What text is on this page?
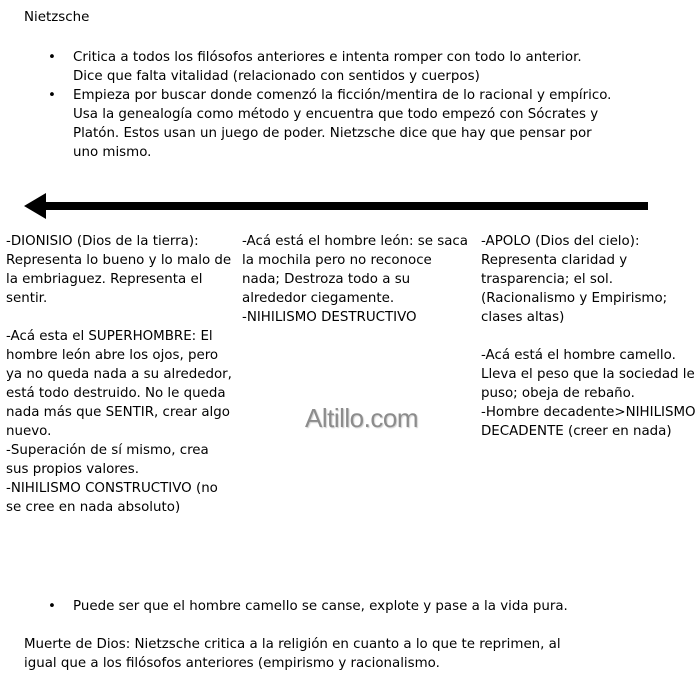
Nietzsche
• Critica a todos los filósofos anteriores e intenta romper con todo lo anterior. Dice que falta vitalidad (relacionado con sentidos y cuerpos)
• Empieza por buscar donde comenzó la ficción/mentira de lo racional y empírico. Usa la genealogía como método y encuentra que todo empezó con Sócrates y Platón. Estos usan un juego de poder. Nietzsche dice que hay que pensar por uno mismo.
-DIONISIO (Dios de la tierra): Representa lo bueno y lo malo de la embriaguez. Representa el sentir.

-Acá esta el SUPERHOMBRE: El hombre león abre los ojos, pero ya no queda nada a su alrededor, está todo destruido. No le queda nada más que SENTIR, crear algo nuevo.
-Superación de sí mismo, crea sus propios valores.
-NIHILISMO CONSTRUCTIVO (no se cree en nada absoluto)
-Acá está el hombre león: se saca la mochila pero no reconoce nada; Destroza todo a su alrededor ciegamente.
-NIHILISMO DESTRUCTIVO
-APOLO (Dios del cielo): Representa claridad y trasparencia; el sol. (Racionalismo y Empirismo; clases altas)

-Acá está el hombre camello. Lleva el peso que la sociedad le puso; obeja de rebaño.
-Hombre decadente>NIHILISMO DECADENTE (creer en nada)
Altillo.com
• Puede ser que el hombre camello se canse, explote y pase a la vida pura.
Muerte de Dios: Nietzsche critica a la religión en cuanto a lo que te reprimen, al igual que a los filósofos anteriores (empirismo y racionalismo.
